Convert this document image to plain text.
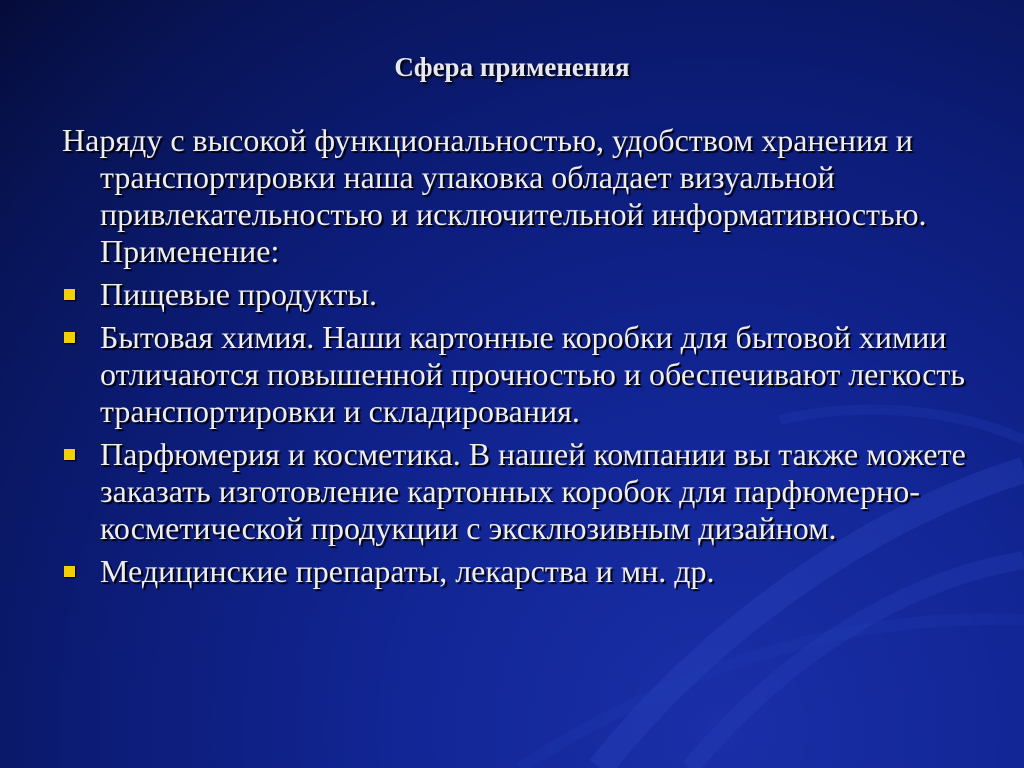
Сфера применения
Наряду с высокой функциональностью, удобством хранения и транспортировки наша упаковка обладает визуальной привлекательностью и исключительной информативностью. Применение:
Пищевые продукты.
Бытовая химия. Наши картонные коробки для бытовой химии отличаются повышенной прочностью и обеспечивают легкость транспортировки и складирования.
Парфюмерия и косметика. В нашей компании вы также можете заказать изготовление картонных коробок для парфюмерно-косметической продукции с эксклюзивным дизайном.
Медицинские препараты, лекарства и мн. др.
